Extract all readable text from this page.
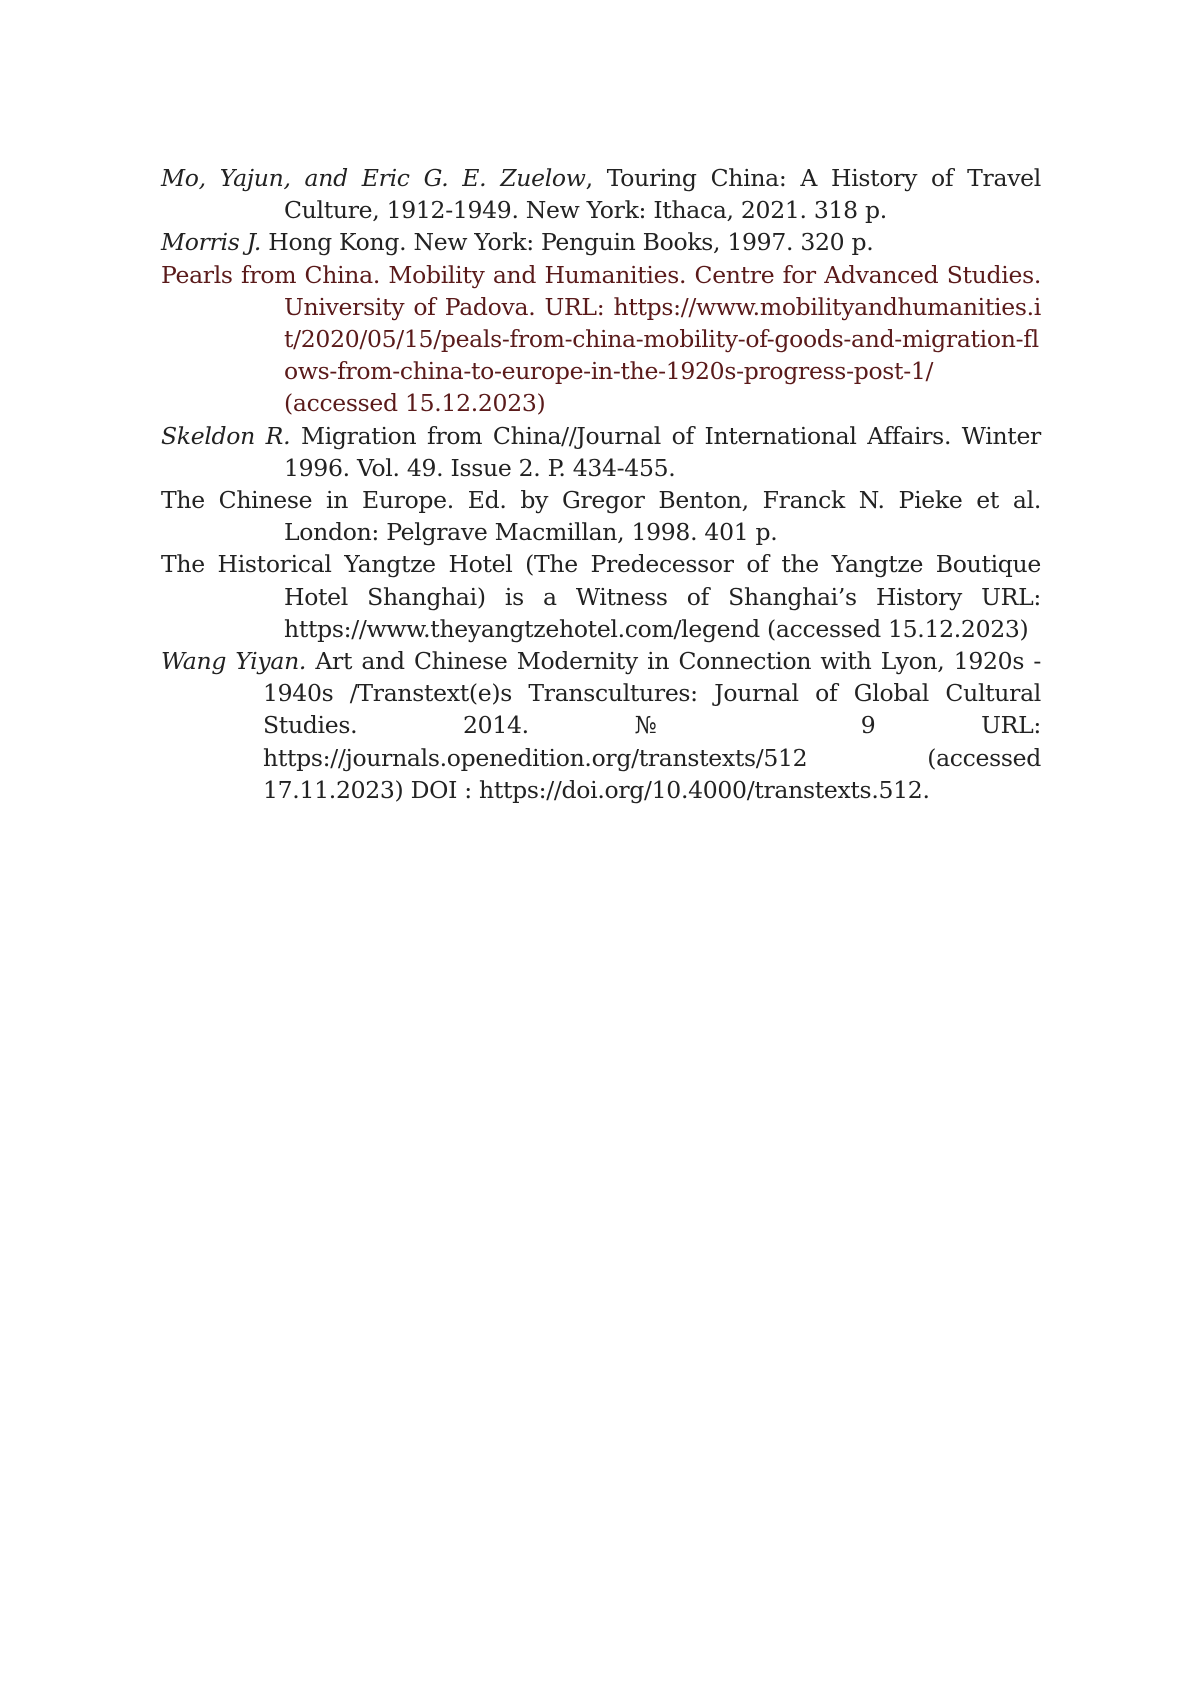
Mo, Yajun, and Eric G. E. Zuelow, Touring China: A History of Travel Culture, 1912-1949. New York: Ithaca, 2021. 318 p.

Morris J. Hong Kong. New York: Penguin Books, 1997. 320 p.

Pearls from China. Mobility and Humanities. Centre for Advanced Studies. University of Padova. URL: https://www.mobilityandhumanities.it/2020/05/15/peals-from-china-mobility-of-goods-and-migration-flows-from-china-to-europe-in-the-1920s-progress-post-1/ (accessed 15.12.2023)

Skeldon R. Migration from China//Journal of International Affairs. Winter 1996. Vol. 49. Issue 2. P. 434-455.

The Chinese in Europe. Ed. by Gregor Benton, Franck N. Pieke et al. London: Pelgrave Macmillan, 1998. 401 p.

The Historical Yangtze Hotel (The Predecessor of the Yangtze Boutique Hotel Shanghai) is a Witness of Shanghai’s History URL: https://www.theyangtzehotel.com/legend (accessed 15.12.2023)

Wang Yiyan. Art and Chinese Modernity in Connection with Lyon, 1920s - 1940s /Transtext(e)s Transcultures: Journal of Global Cultural Studies. 2014. № 9 URL: https://journals.openedition.org/transtexts/512 (accessed 17.11.2023) DOI : https://doi.org/10.4000/transtexts.512.
